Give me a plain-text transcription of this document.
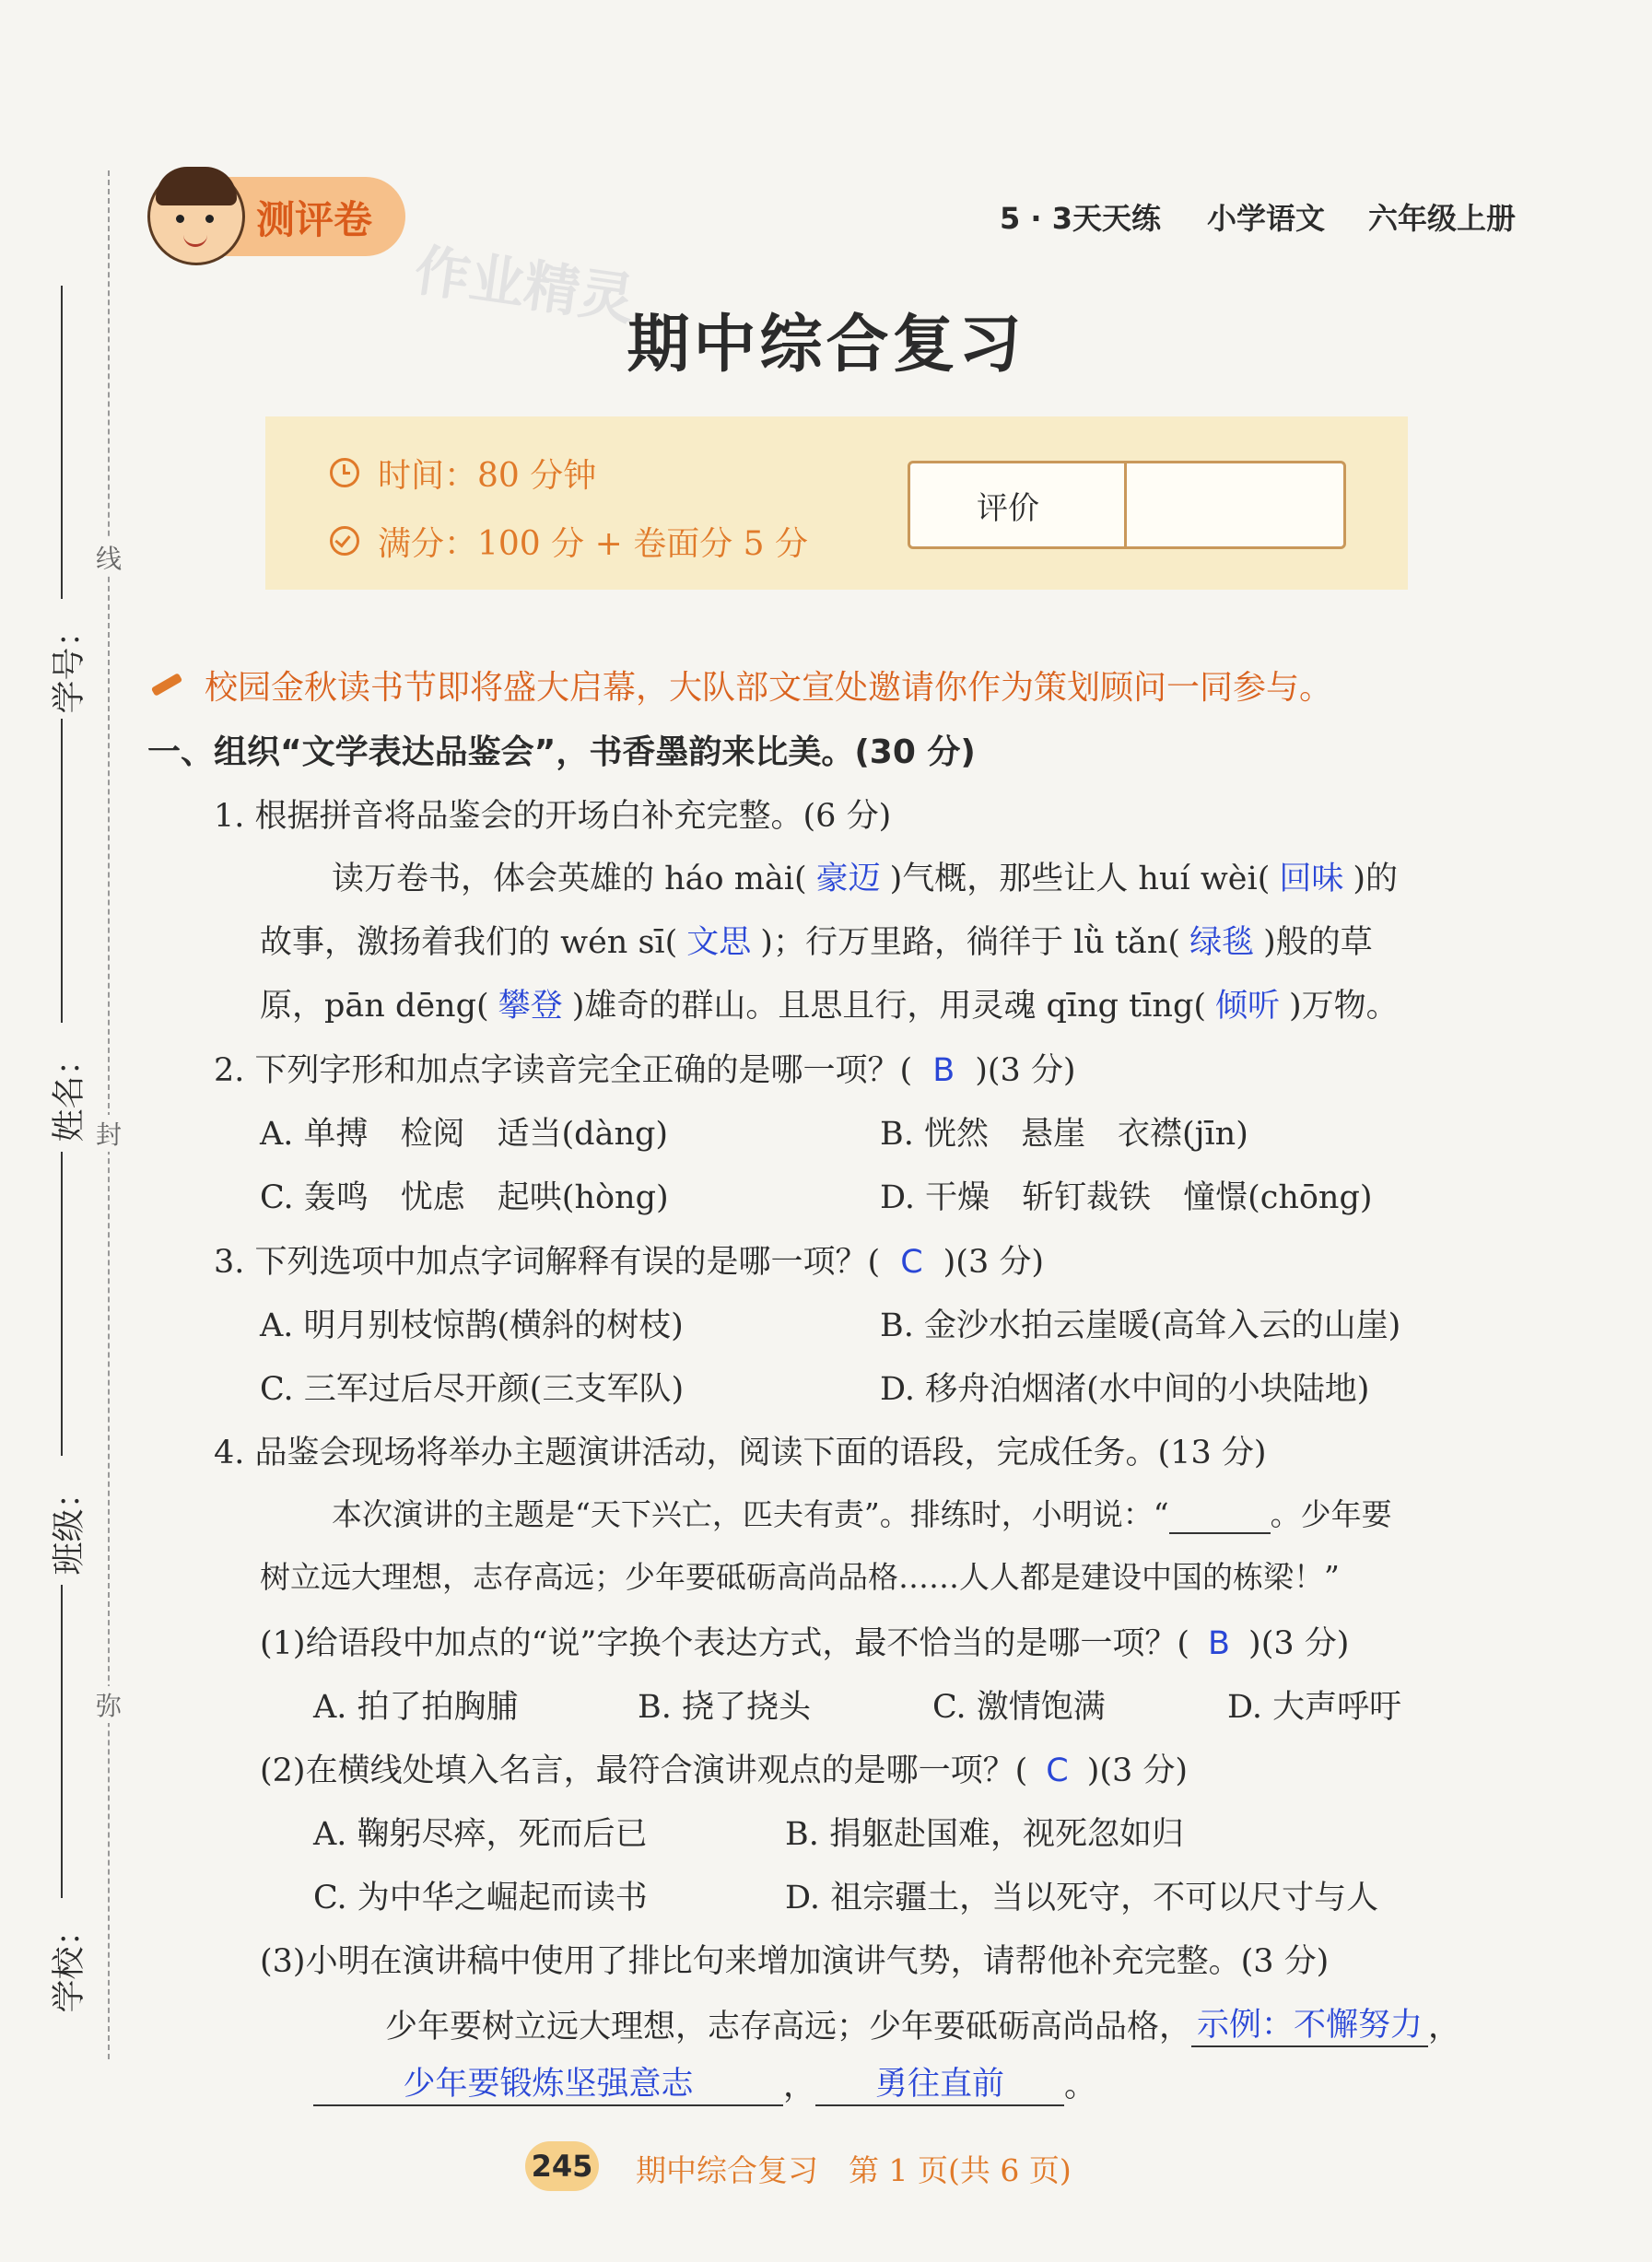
线
封
弥
学号：
姓名：
班级：
学校：
测评卷	5 · 3天天练 小学语文 六年级上册
作业精灵
期中综合复习
时间：80 分钟
满分：100 分 + 卷面分 5 分
评价
校园金秋读书节即将盛大启幕，大队部文宣处邀请你作为策划顾问一同参与。
一、组织“文学表达品鉴会”，书香墨韵来比美。(30 分)
1. 根据拼音将品鉴会的开场白补充完整。(6 分)
读万卷书，体会英雄的 háo mài( 豪迈 )气概，那些让人 huí wèi( 回味 )的
故事，激扬着我们的 wén sī( 文思 )；行万里路，徜徉于 lǜ tǎn( 绿毯 )般的草
原，pān dēng( 攀登 )雄奇的群山。且思且行，用灵魂 qīng tīng( 倾听 )万物。
2. 下列字形和加点字读音完全正确的是哪一项？( B )(3 分)
A. 单搏　检阅　适当(dàng)	B. 恍然　悬崖　衣襟(jīn)
C. 轰鸣　忧虑　起哄(hòng)	D. 干燥　斩钉裁铁　憧憬(chōng)
3. 下列选项中加点字词解释有误的是哪一项？( C )(3 分)
A. 明月别枝惊鹊(横斜的树枝)	B. 金沙水拍云崖暖(高耸入云的山崖)
C. 三军过后尽开颜(三支军队)	D. 移舟泊烟渚(水中间的小块陆地)
4. 品鉴会现场将举办主题演讲活动，阅读下面的语段，完成任务。(13 分)
本次演讲的主题是“天下兴亡，匹夫有责”。排练时，小明说：“	。少年要
树立远大理想，志存高远；少年要砥砺高尚品格……人人都是建设中国的栋梁！”
(1)给语段中加点的“说”字换个表达方式，最不恰当的是哪一项？( B )(3 分)
A. 拍了拍胸脯	B. 挠了挠头	C. 激情饱满	D. 大声呼吁
(2)在横线处填入名言，最符合演讲观点的是哪一项？( C )(3 分)
A. 鞠躬尽瘁，死而后已	B. 捐躯赴国难，视死忽如归
C. 为中华之崛起而读书	D. 祖宗疆土，当以死守，不可以尺寸与人
(3)小明在演讲稿中使用了排比句来增加演讲气势，请帮他补充完整。(3 分)
少年要树立远大理想，志存高远；少年要砥砺高尚品格， 示例：不懈努力 ，
少年要锻炼坚强意志	， 勇往直前 。
245 期中综合复习　第 1 页(共 6 页)
